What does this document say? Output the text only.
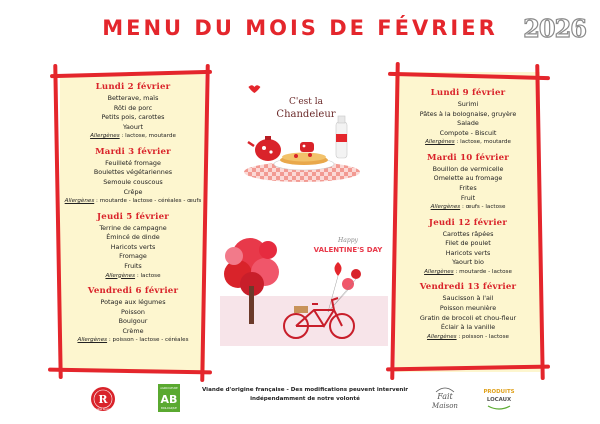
MENU DU MOIS DE FÉVRIER	2026
Lundi 2 février
Betterave, maïs
Rôti de porc
Petits pois, carottes
Yaourt
Allergènes : lactose, moutarde
Mardi 3 février
Feuilleté fromage
Boulettes végétariennes
Semoule couscous
Crêpe
Allergènes : moutarde - lactose - céréales - œufs
Jeudi 5 février
Terrine de campagne
Émincé de dinde
Haricots verts
Fromage
Fruits
Allergènes : lactose
Vendredi 6 février
Potage aux légumes
Poisson
Boulgour
Crème
Allergènes : poisson - lactose - céréales
Lundi 9 février
Surimi
Pâtes à la bolognaise, gruyère
Salade
Compote - Biscuit
Allergènes : lactose, moutarde
Mardi 10 février
Bouillon de vermicelle
Omelette au fromage
Frites
Fruit
Allergènes : œufs - lactose
Jeudi 12 février
Carottes râpées
Filet de poulet
Haricots verts
Yaourt bio
Allergènes : moutarde - lactose
Vendredi 13 février
Saucisson à l'ail
Poisson meunière
Gratin de brocoli et chou-fleur
Éclair à la vanille
Allergènes : poisson - lactose
C'est la
Chandeleur
Happy
VALENTINE'S DAY
Viande d'origine française - Des modifications peuvent intervenir
indépendamment de notre volonté
R
Label Rouge
AGRICULTURE
AB
BIOLOGIQUE
Fait
Maison
PRODUITS
LOCAUX
